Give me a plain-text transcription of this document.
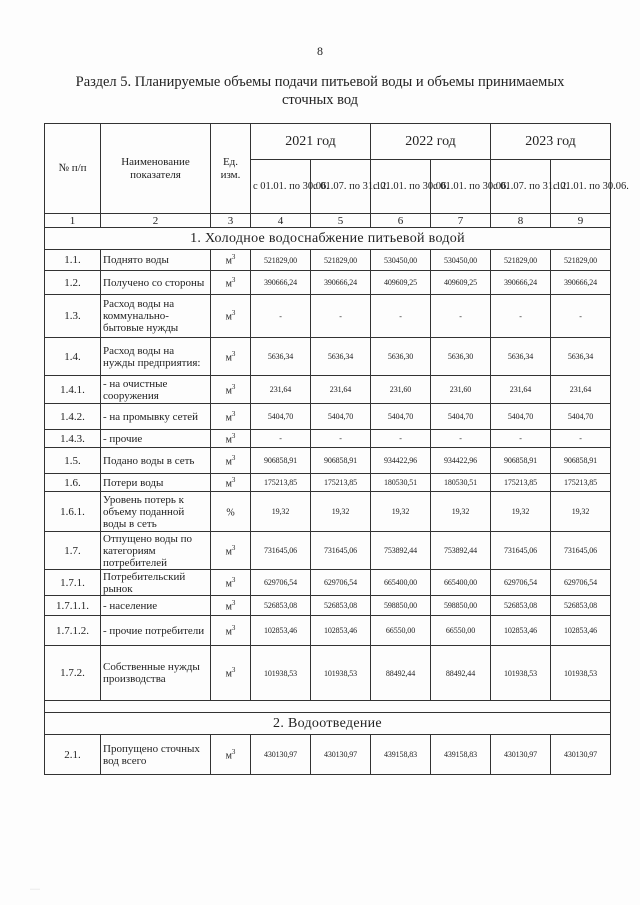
8
Раздел 5. Планируемые объемы подачи питьевой воды и объемы принимаемых сточных вод
№ п/п	Наименование показателя	Ед. изм.	2021 год		2022 год		2023 год	
			с 01.01. по 30.06.	с 01.07. по 31.12.	с 01.01. по 30.06.	с 01.01. по 30.06.	с 01.07. по 31.12.	с 01.01. по 30.06.
1	2	3	4	5	6	7	8	9
1. Холодное водоснабжение питьевой водой								
1.1.	Поднято воды	$м^3$	521829,00	521829,00	530450,00	530450,00	521829,00	521829,00
1.2.	Получено со стороны	$м^3$	390666,24	390666,24	409609,25	409609,25	390666,24	390666,24
1.3.	Расход воды на коммунально-бытовые нужды	$м^3$	-	-	-	-	-	-
1.4.	Расход воды на нужды предприятия:	$м^3$	5636,34	5636,34	5636,30	5636,30	5636,34	5636,34
1.4.1.	- на очистные сооружения	$м^3$	231,64	231,64	231,60	231,60	231,64	231,64
1.4.2.	- на промывку сетей	$м^3$	5404,70	5404,70	5404,70	5404,70	5404,70	5404,70
1.4.3.	- прочие	$м^3$	-	-	-	-	-	-
1.5.	Подано воды в сеть	$м^3$	906858,91	906858,91	934422,96	934422,96	906858,91	906858,91
1.6.	Потери воды	$м^3$	175213,85	175213,85	180530,51	180530,51	175213,85	175213,85
1.6.1.	Уровень потерь к объему поданной воды в сеть	%	19,32	19,32	19,32	19,32	19,32	19,32
1.7.	Отпущено воды по категориям потребителей	$м^3$	731645,06	731645,06	753892,44	753892,44	731645,06	731645,06
1.7.1.	Потребительский рынок	$м^3$	629706,54	629706,54	665400,00	665400,00	629706,54	629706,54
1.7.1.1.	- население	$м^3$	526853,08	526853,08	598850,00	598850,00	526853,08	526853,08
1.7.1.2.	- прочие потребители	$м^3$	102853,46	102853,46	66550,00	66550,00	102853,46	102853,46
1.7.2.	Собственные нужды производства	$м^3$	101938,53	101938,53	88492,44	88492,44	101938,53	101938,53

2. Водоотведение								
2.1.	Пропущено сточных вод всего	$м^3$	430130,97	430130,97	439158,83	439158,83	430130,97	430130,97
·····
